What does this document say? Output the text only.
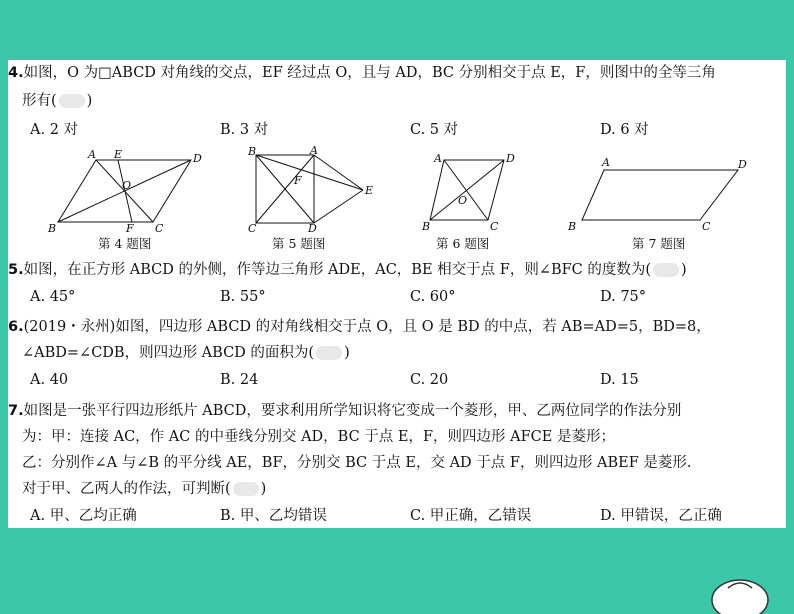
4.如图，O 为□ABCD 对角线的交点，EF 经过点 O，且与 AD，BC 分别相交于点 E，F，则图中的全等三角
形有( )
A. 2 对	B. 3 对	C. 5 对	D. 6 对
A E	D
O
B	F C
第 4 题图
B	A
F
E
C	D
第 5 题图
A	D
O
B	C
第 6 题图
A	D
B	C
第 7 题图
5.如图，在正方形 ABCD 的外侧，作等边三角形 ADE，AC，BE 相交于点 F，则∠BFC 的度数为( )
A. 45°	B. 55°	C. 60°	D. 75°
6.(2019・永州)如图，四边形 ABCD 的对角线相交于点 O，且 O 是 BD 的中点，若 AB=AD=5，BD=8，
∠ABD=∠CDB，则四边形 ABCD 的面积为( )
A. 40	B. 24	C. 20	D. 15
7.如图是一张平行四边形纸片 ABCD，要求利用所学知识将它变成一个菱形，甲、乙两位同学的作法分别
为：甲：连接 AC，作 AC 的中垂线分别交 AD，BC 于点 E，F，则四边形 AFCE 是菱形；
乙：分别作∠A 与∠B 的平分线 AE，BF，分别交 BC 于点 E，交 AD 于点 F，则四边形 ABEF 是菱形.
对于甲、乙两人的作法，可判断( )
A. 甲、乙均正确	B. 甲、乙均错误	C. 甲正确，乙错误	D. 甲错误，乙正确
